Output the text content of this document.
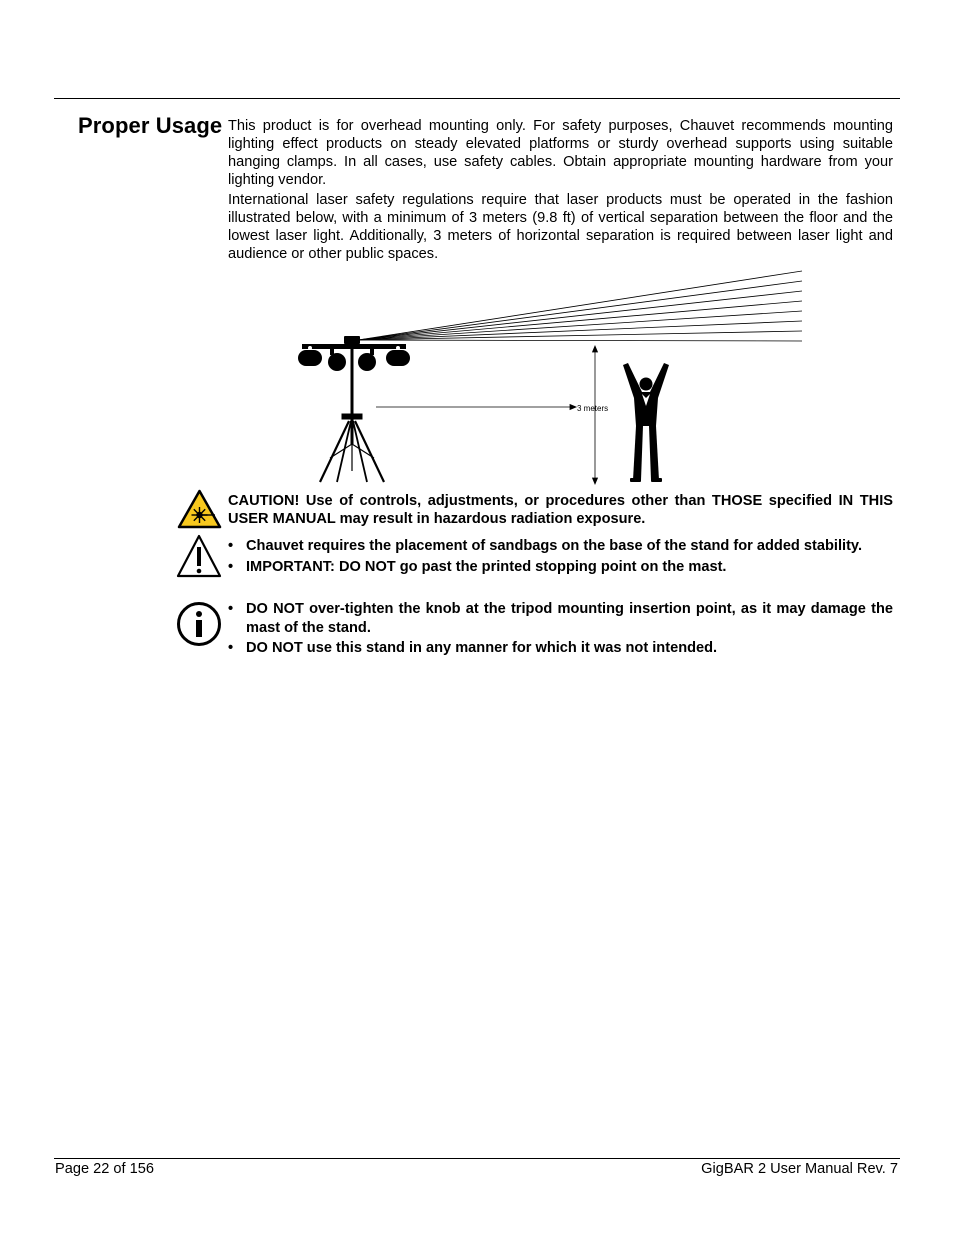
Proper Usage This product is for overhead mounting only. For safety purposes, Chauvet recommends mounting lighting effect products on steady elevated platforms or sturdy overhead supports using suitable hanging clamps. In all cases, use safety cables. Obtain appropriate mounting hardware from your lighting vendor.

International laser safety regulations require that laser products must be operated in the fashion illustrated below, with a minimum of 3 meters (9.8 ft) of vertical separation between the floor and the lowest laser light. Additionally, 3 meters of horizontal separation is required between laser light and audience or other public spaces.

3 meters

CAUTION! Use of controls, adjustments, or procedures other than THOSE specified IN THIS USER MANUAL may result in hazardous radiation exposure.

• Chauvet requires the placement of sandbags on the base of the stand for added stability.
• IMPORTANT: DO NOT go past the printed stopping point on the mast.
• DO NOT over-tighten the knob at the tripod mounting insertion point, as it may damage the mast of the stand.
• DO NOT use this stand in any manner for which it was not intended.
Page 22 of 156	GigBAR 2 User Manual Rev. 7
